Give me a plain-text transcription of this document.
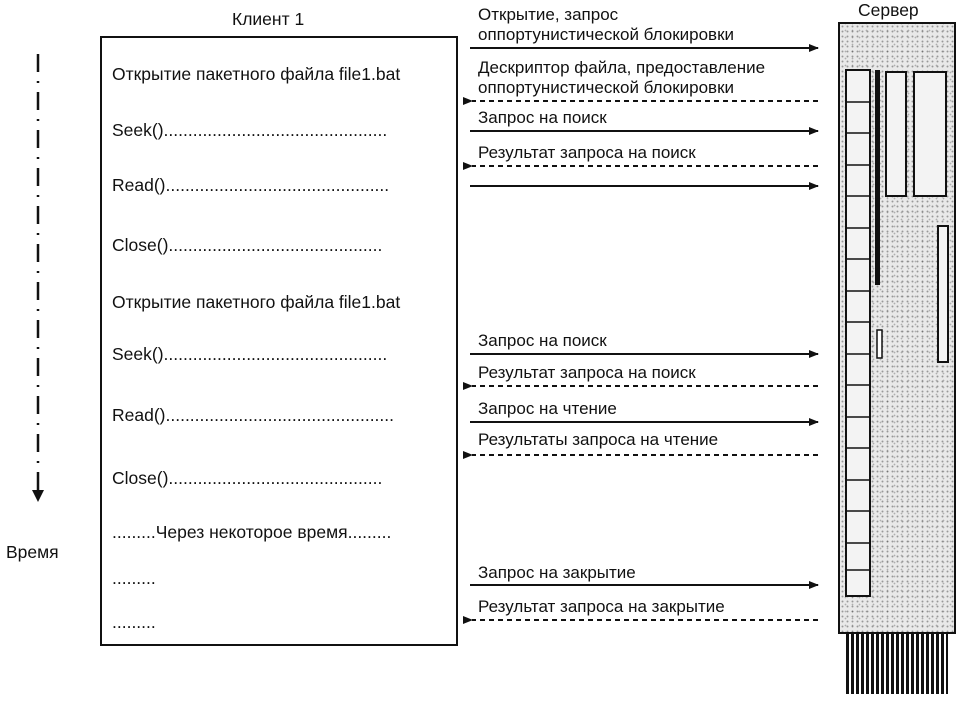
Клиент 1
Открытие пакетного файла file1.bat
Seek()..............................................
Read()..............................................
Close()............................................
Открытие пакетного файла file1.bat
Seek()..............................................
Read()...............................................
Close()............................................
.........Через некоторое время.........
.........
.........
Время
Сервер
Открытие, запрос
оппортунистической блокировки
Дескриптор файла, предоставление
оппортунистической блокировки
Запрос на поиск
Результат запроса на поиск
Запрос на поиск
Результат запроса на поиск
Запрос на чтение
Результаты запроса на чтение
Запрос на закрытие
Результат запроса на закрытие
